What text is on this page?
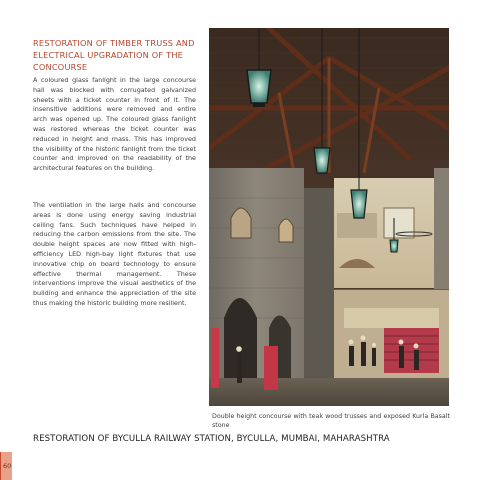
RESTORATION OF TIMBER TRUSS AND ELECTRICAL UPGRADATION OF THE CONCOURSE

A coloured glass fanlight in the large concourse hall was blocked with corrugated galvanized sheets with a ticket counter in front of it. The insensitive additions were removed and entire arch was opened up. The coloured glass fanlight was restored whereas the ticket counter was reduced in height and mass. This has improved the visibility of the historic fanlight from the ticket counter and improved on the readability of the architectural features on the building.

The ventilation in the large halls and concourse areas is done using energy saving industrial ceiling fans. Such techniques have helped in reducing the carbon emissions from the site. The double height spaces are now fitted with high-efficiency LED high-bay light fixtures that use innovative chip on board technology to ensure effective thermal management. These interventions improve the visual aesthetics of the building and enhance the appreciation of the site thus making the historic building more resilient.

Double height concourse with teak wood trusses and exposed Kurla Basalt stone

RESTORATION OF BYCULLA RAILWAY STATION, BYCULLA, MUMBAI, MAHARASHTRA
60
